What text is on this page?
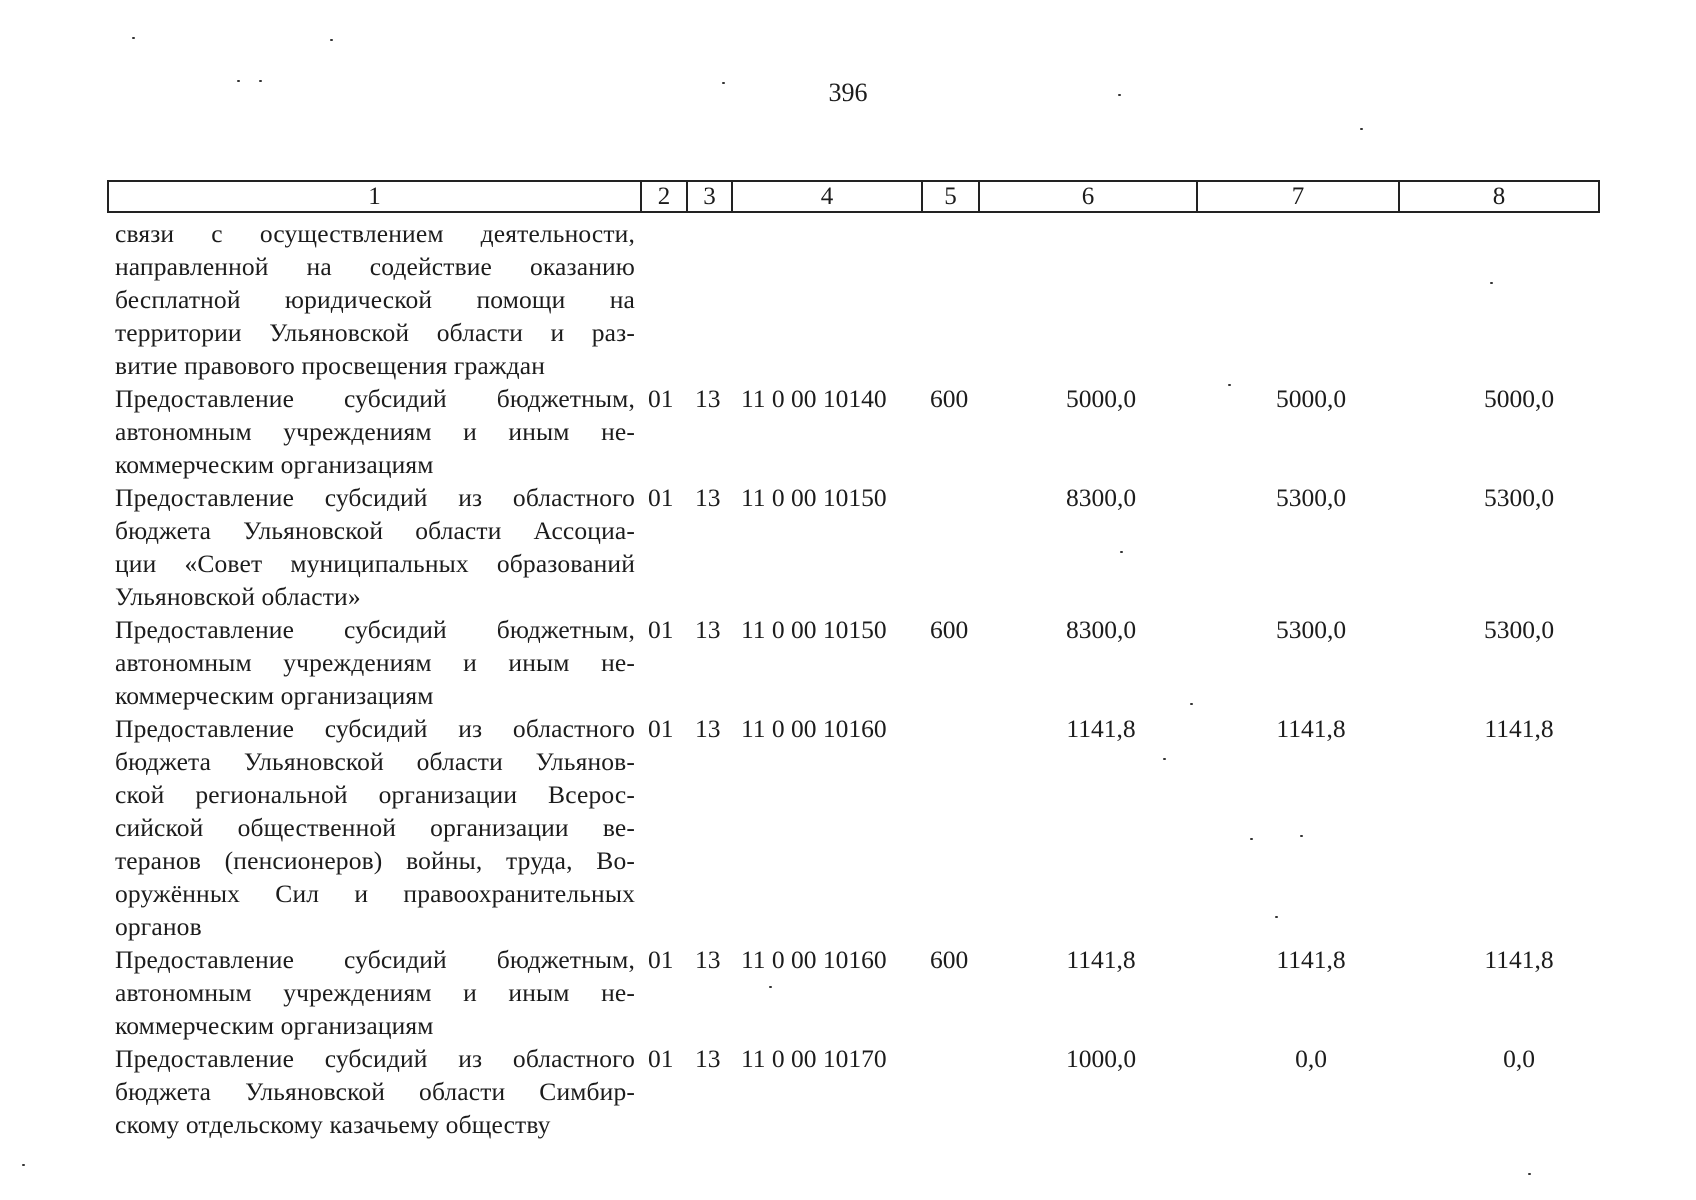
396
1	2	3	4	5	6	7	8
связи с осуществлением деятельности,
направленной на содействие оказанию
бесплатной юридической помощи на
территории Ульяновской области и раз-
витие правового просвещения граждан
Предоставление субсидий бюджетным,
автономным учреждениям и иным не-
коммерческим организациям
01 13 11 0 00 10140 600	5000,0	5000,0	5000,0
Предоставление субсидий из областного
бюджета Ульяновской области Ассоциа-
ции «Совет муниципальных образований
Ульяновской области»
01 13 11 0 00 10150	8300,0	5300,0	5300,0
Предоставление субсидий бюджетным,
автономным учреждениям и иным не-
коммерческим организациям
01 13 11 0 00 10150 600	8300,0	5300,0	5300,0
Предоставление субсидий из областного
бюджета Ульяновской области Ульянов-
ской региональной организации Всерос-
сийской общественной организации ве-
теранов (пенсионеров) войны, труда, Во-
оружённых Сил и правоохранительных
органов
01 13 11 0 00 10160	1141,8	1141,8	1141,8
Предоставление субсидий бюджетным,
автономным учреждениям и иным не-
коммерческим организациям
01 13 11 0 00 10160 600	1141,8	1141,8	1141,8
Предоставление субсидий из областного
бюджета Ульяновской области Симбир-
скому отдельскому казачьему обществу
01 13 11 0 00 10170	1000,0	0,0	0,0
